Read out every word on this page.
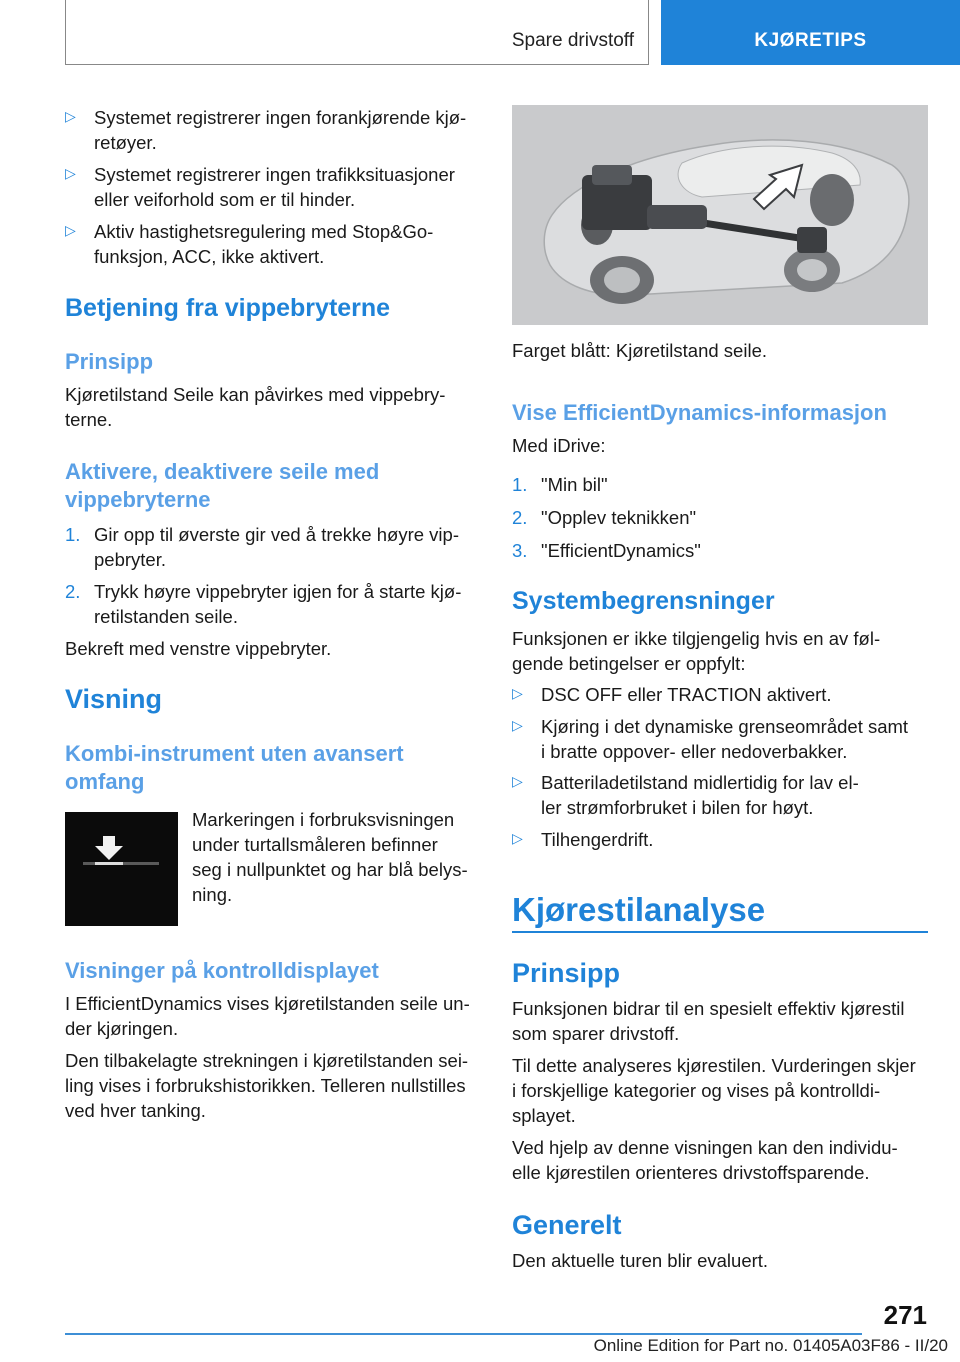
Spare drivstoff	KJØRETIPS
▷ Systemet registrerer ingen forankjørende kjø-

retøyer.

▷ Systemet registrerer ingen trafikksituasjoner

eller veiforhold som er til hinder.

▷ Aktiv hastighetsregulering med Stop&Go-

funksjon, ACC, ikke aktivert.

Betjening fra vippebryterne
Prinsipp

Kjøretilstand Seile kan påvirkes med vippebry-

terne.

Aktivere, deaktivere seile med
vippebryterne

1. Gir opp til øverste gir ved å trekke høyre vip-

pebryter.

2. Trykk høyre vippebryter igjen for å starte kjø-

retilstanden seile.

Bekreft med venstre vippebryter.

Visning
Kombi-instrument uten avansert
omfang

Markeringen i forbruksvisningen

under turtallsmåleren befinner

seg i nullpunktet og har blå belys-

ning.

Visninger på kontrolldisplayet

I EfficientDynamics vises kjøretilstanden seile un-

der kjøringen.

Den tilbakelagte strekningen i kjøretilstanden sei-

ling vises i forbrukshistorikken. Telleren nullstilles

ved hver tanking.

Farget blått: Kjøretilstand seile.

Vise EfficientDynamics-informasjon

Med iDrive:

1. "Min bil"

2. "Opplev teknikken"

3. "EfficientDynamics"

Systembegrensninger

Funksjonen er ikke tilgjengelig hvis en av føl-

gende betingelser er oppfylt:

▷ DSC OFF eller TRACTION aktivert.

▷ Kjøring i det dynamiske grenseområdet samt

i bratte oppover- eller nedoverbakker.

▷ Batteriladetilstand midlertidig for lav el-

ler strømforbruket i bilen for høyt.

▷ Tilhengerdrift.

Kjørestilanalyse
Prinsipp

Funksjonen bidrar til en spesielt effektiv kjørestil

som sparer drivstoff.

Til dette analyseres kjørestilen. Vurderingen skjer

i forskjellige kategorier og vises på kontrolldi-

splayet.

Ved hjelp av denne visningen kan den individu-

elle kjørestilen orienteres drivstoffsparende.

Generelt

Den aktuelle turen blir evaluert.

271
Online Edition for Part no. 01405A03F86 - II/20
